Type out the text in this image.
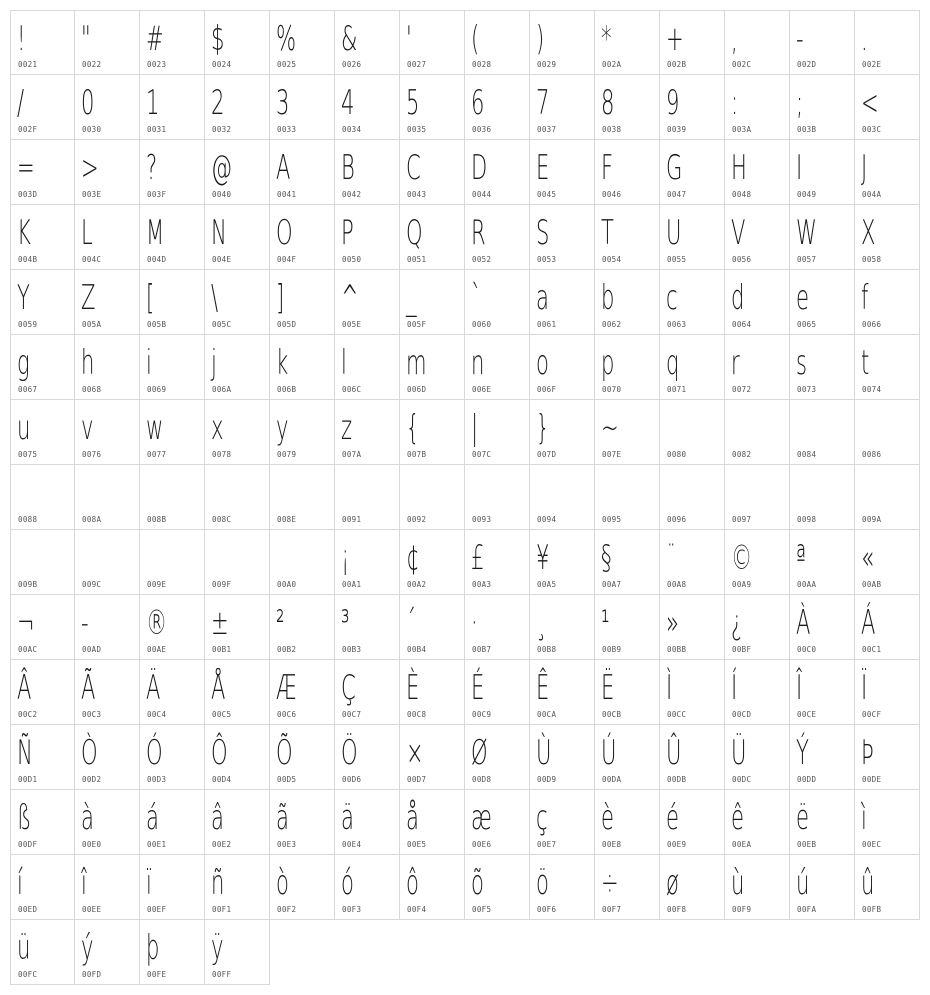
!
0021
"
0022
#
0023
$
0024
%
0025
&
0026
'
0027
(
0028
)
0029
*
002A
+
002B
,
002C
-
002D
.
002E
/
002F
0
0030
1
0031
2
0032
3
0033
4
0034
5
0035
6
0036
7
0037
8
0038
9
0039
:
003A
;
003B
<
003C
=
003D
>
003E
?
003F
@
0040
A
0041
B
0042
C
0043
D
0044
E
0045
F
0046
G
0047
H
0048
I
0049
J
004A
K
004B
L
004C
M
004D
N
004E
O
004F
P
0050
Q
0051
R
0052
S
0053
T
0054
U
0055
V
0056
W
0057
X
0058
Y
0059
Z
005A
[
005B
\
005C
]
005D
^
005E
_
005F
`
0060
a
0061
b
0062
c
0063
d
0064
e
0065
f
0066
g
0067
h
0068
i
0069
j
006A
k
006B
l
006C
m
006D
n
006E
o
006F
p
0070
q
0071
r
0072
s
0073
t
0074
u
0075
v
0076
w
0077
x
0078
y
0079
z
007A
{
007B
|
007C
}
007D
~
007E	0080	0082	0084	0086
0088	008A	008B	008C	008E	0091	0092	0093	0094	0095	0096	0097	0098	009A
009B	009C	009E	009F	00A0
¡
00A1
¢
00A2
£
00A3
¥
00A5
§
00A7
¨
00A8
©
00A9
ª
00AA
«
00AB
¬
00AC
-
00AD
®
00AE
±
00B1
²
00B2
³
00B3
´
00B4
·
00B7
¸
00B8
¹
00B9
»
00BB
¿
00BF
À
00C0
Á
00C1
Â
00C2
Ã
00C3
Ä
00C4
Å
00C5
Æ
00C6
Ç
00C7
È
00C8
É
00C9
Ê
00CA
Ë
00CB
Ì
00CC
Í
00CD
Î
00CE
Ï
00CF
Ñ
00D1
Ò
00D2
Ó
00D3
Ô
00D4
Õ
00D5
Ö
00D6
×
00D7
Ø
00D8
Ù
00D9
Ú
00DA
Û
00DB
Ü
00DC
Ý
00DD
Þ
00DE
ß
00DF
à
00E0
á
00E1
â
00E2
ã
00E3
ä
00E4
å
00E5
æ
00E6
ç
00E7
è
00E8
é
00E9
ê
00EA
ë
00EB
ì
00EC
í
00ED
î
00EE
ï
00EF
ñ
00F1
ò
00F2
ó
00F3
ô
00F4
õ
00F5
ö
00F6
÷
00F7
ø
00F8
ù
00F9
ú
00FA
û
00FB
ü
00FC
ý
00FD
þ
00FE
ÿ
00FF
